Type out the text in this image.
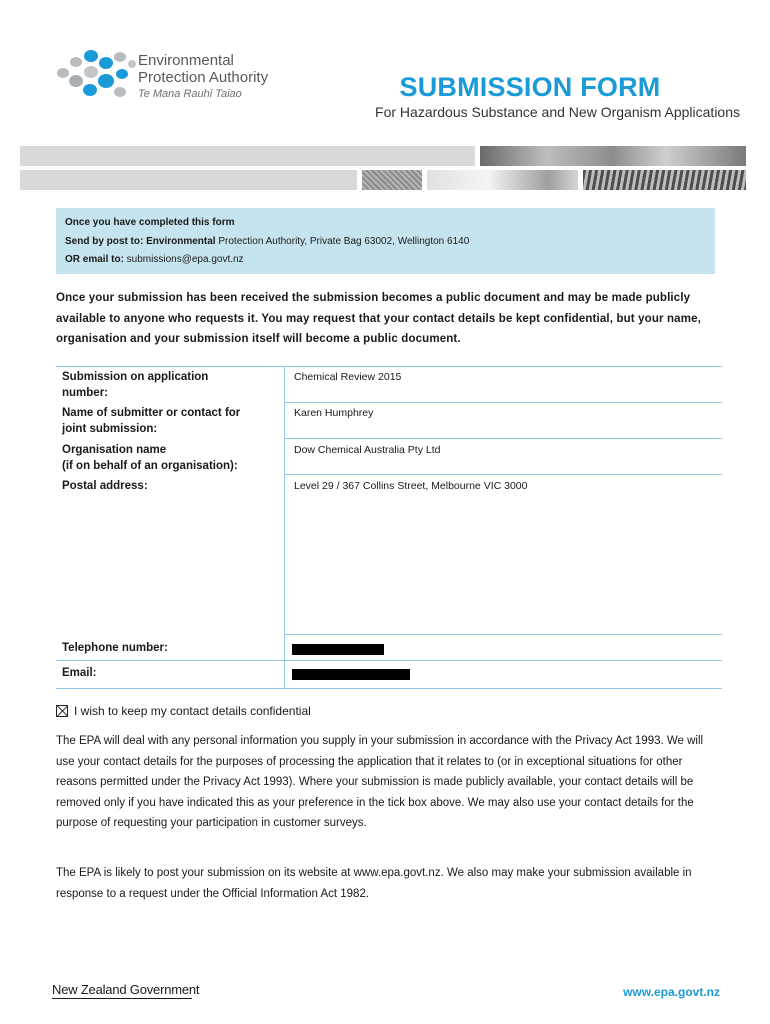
Environmental
Protection Authority
Te Mana Rauhī Taiao	SUBMISSION FORM
For Hazardous Substance and New Organism Applications
Once you have completed this form
Send by post to: Environmental Protection Authority, Private Bag 63002, Wellington 6140
OR email to: submissions@epa.govt.nz
Once your submission has been received the submission becomes a public document and may be made publicly available to anyone who requests it. You may request that your contact details be kept confidential, but your name, organisation and your submission itself will become a public document.
Submission on application
number:
Chemical Review 2015
Name of submitter or contact for
joint submission:
Karen Humphrey
Organisation name
(if on behalf of an organisation):
Dow Chemical Australia Pty Ltd
Postal address:	Level 29 / 367 Collins Street, Melbourne VIC 3000
Telephone number:
Email:
I wish to keep my contact details confidential
The EPA will deal with any personal information you supply in your submission in accordance with the Privacy Act 1993. We will use your contact details for the purposes of processing the application that it relates to (or in exceptional situations for other reasons permitted under the Privacy Act 1993). Where your submission is made publicly available, your contact details will be removed only if you have indicated this as your preference in the tick box above. We may also use your contact details for the purpose of requesting your participation in customer surveys.
The EPA is likely to post your submission on its website at www.epa.govt.nz. We also may make your submission available in response to a request under the Official Information Act 1982.
New Zealand Government	www.epa.govt.nz
